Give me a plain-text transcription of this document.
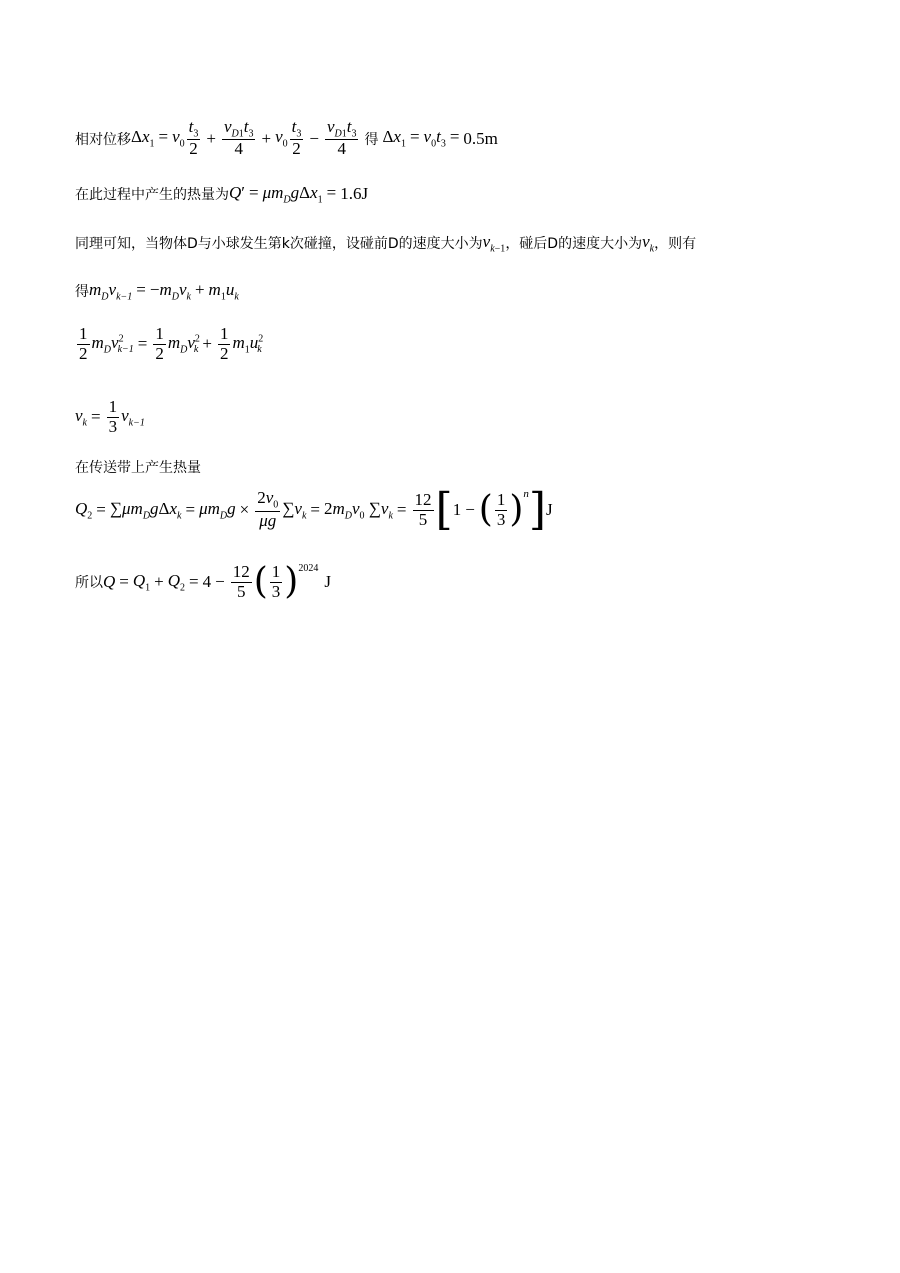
相对位移 $\Delta x_1 = v_0 \frac{t_3}{2} + \frac{v_{D1}t_3}{4} + v_0 \frac{t_3}{2} - \frac{v_{D1}t_3}{4}$ 得 $\Delta x_1 = v_0t_3 = 0.5m$
在此过程中产生的热量为 $Q' = \mu m_Dg\Delta x_1 = 1.6J$
同理可知，当物体D与小球发生第k次碰撞，设碰前D的速度大小为 $v_{k-1}$ ，碰后D的速度大小为 $v_k$ ，则有
得 $m_Dv_{k-1} = -m_Dv_k + m_1u_k$
$\frac{1}{2} m_Dv^2_{k-1} = \frac{1}{2} m_Dv^2_k + \frac{1}{2} m_1u^2_k$
$v_k = \frac{1}{3} v_{k-1}$
在传送带上产生热量
$Q_2 = \sum\mu m_Dg\Delta x_k = \mu m_Dg \times \frac{2v_0}{\mu g} \sum v_k = 2m_Dv_0$ $\sum v_k = \frac{12}{5}$ [ 1 − ( $\frac{1}{3}$ ) n ] J
所以 $Q = Q_1 + Q_2 = 4 - \frac{12}{5}$ ( $\frac{1}{3}$ ) 2024
J
